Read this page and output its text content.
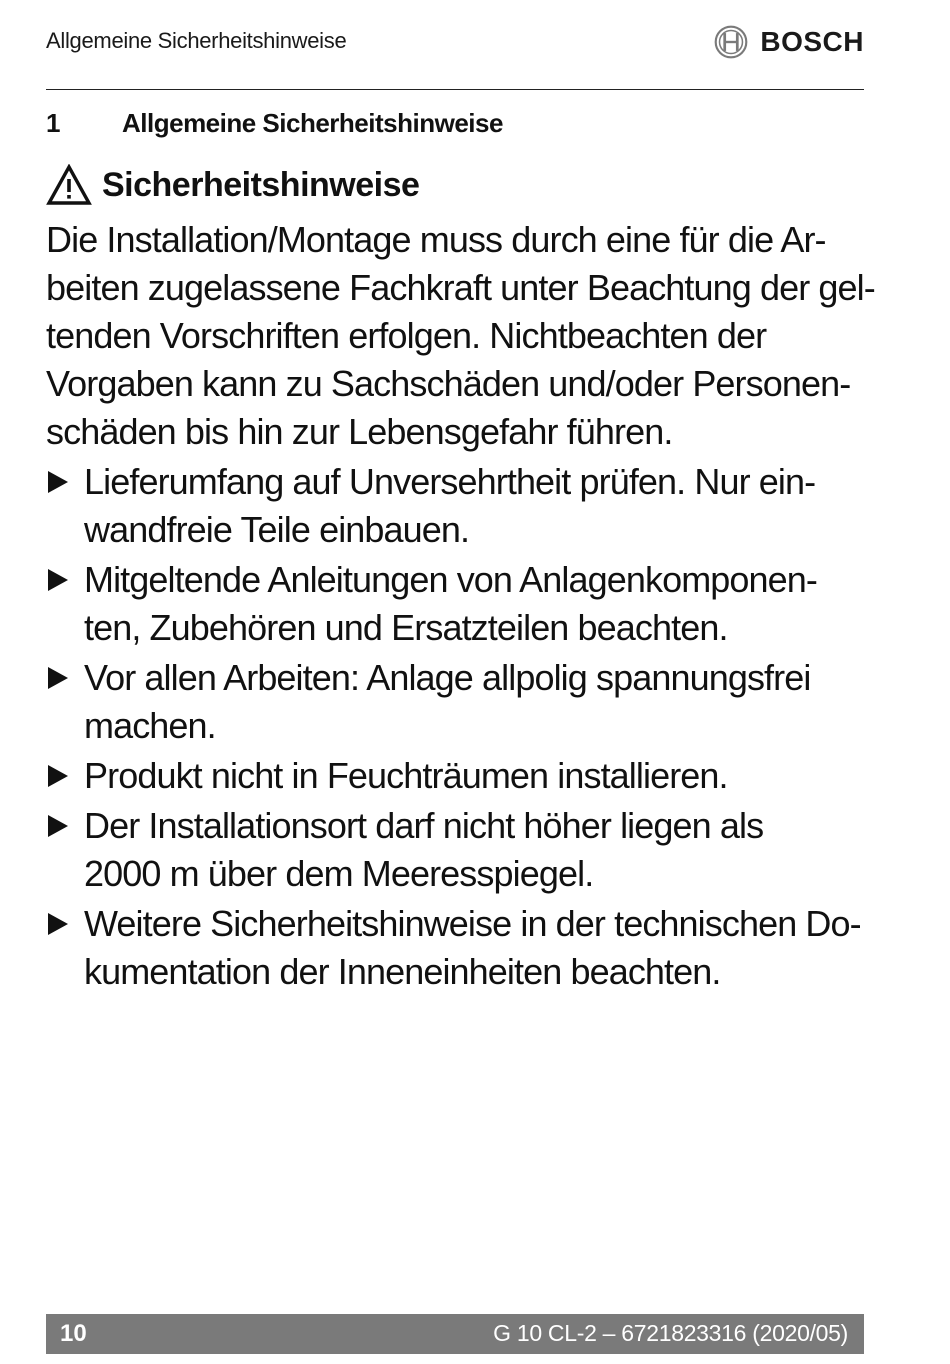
Allgemeine Sicherheitshinweise	BOSCH
1 Allgemeine Sicherheitshinweise
Sicherheitshinweise
Die Installation/Montage muss durch eine für die Ar-
beiten zugelassene Fachkraft unter Beachtung der gel-
tenden Vorschriften erfolgen. Nichtbeachten der
Vorgaben kann zu Sachschäden und/oder Personen-
schäden bis hin zur Lebensgefahr führen.
Lieferumfang auf Unversehrtheit prüfen. Nur ein-
wandfreie Teile einbauen.
Mitgeltende Anleitungen von Anlagenkomponen-
ten, Zubehören und Ersatzteilen beachten.
Vor allen Arbeiten: Anlage allpolig spannungsfrei
machen.
Produkt nicht in Feuchträumen installieren.
Der Installationsort darf nicht höher liegen als
2000 m über dem Meeresspiegel.
Weitere Sicherheitshinweise in der technischen Do-
kumentation der Inneneinheiten beachten.
10	G 10 CL-2 – 6721823316 (2020/05)
